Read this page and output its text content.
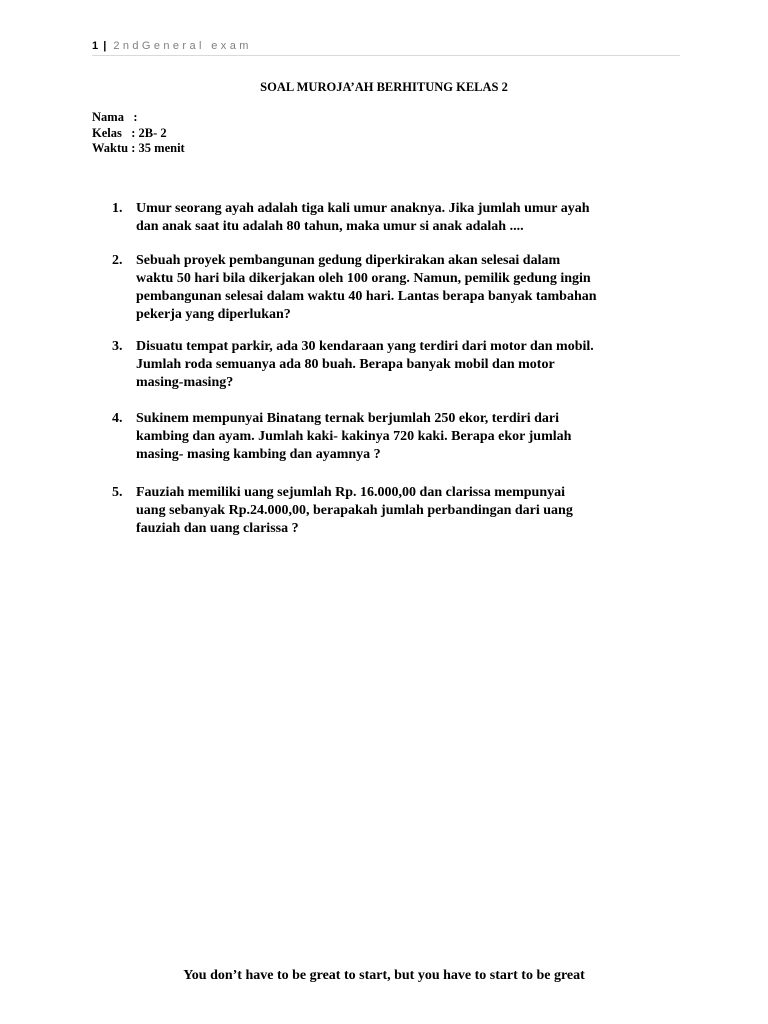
1 | 2ndGeneral exam
SOAL MUROJA’AH BERHITUNG KELAS 2
Nama   :
Kelas   : 2B- 2
Waktu : 35 menit
1. Umur seorang ayah adalah tiga kali umur anaknya. Jika jumlah umur ayah
dan anak saat itu adalah 80 tahun, maka umur si anak adalah ....
2. Sebuah proyek pembangunan gedung diperkirakan akan selesai dalam
waktu 50 hari bila dikerjakan oleh 100 orang. Namun, pemilik gedung ingin
pembangunan selesai dalam waktu 40 hari. Lantas berapa banyak tambahan
pekerja yang diperlukan?
3. Disuatu tempat parkir, ada 30 kendaraan yang terdiri dari motor dan mobil.
Jumlah roda semuanya ada 80 buah. Berapa banyak mobil dan motor
masing-masing?
4. Sukinem mempunyai Binatang ternak berjumlah 250 ekor, terdiri dari
kambing dan ayam. Jumlah kaki- kakinya 720 kaki. Berapa ekor jumlah
masing- masing kambing dan ayamnya ?
5. Fauziah memiliki uang sejumlah Rp. 16.000,00 dan clarissa mempunyai
uang sebanyak Rp.24.000,00, berapakah jumlah perbandingan dari uang
fauziah dan uang clarissa ?
You don’t have to be great to start, but you have to start to be great
